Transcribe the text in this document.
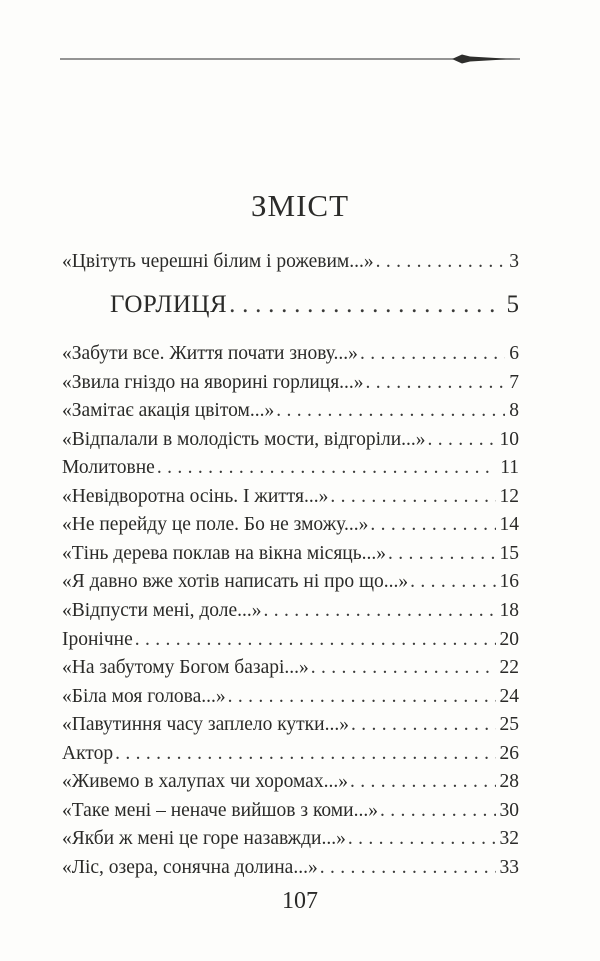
ЗМІСТ
«Цвітуть черешні білим і рожевим...» . . .	3
ГОРЛИЦЯ . . .	5
«Забути все. Життя почати знову...» . . .	6
«Звила гніздо на яворині горлиця...» . . .	7
«Замітає акація цвітом...» . . .	8
«Відпалали в молодість мости, відгоріли...» . . .	10
Молитовне . . .	11
«Невідворотна осінь. І життя...» . . .	12
«Не перейду це поле. Бо не зможу...» . . .	14
«Тінь дерева поклав на вікна місяць...» . . .	15
«Я давно вже хотів написать ні про що...» . . .	16
«Відпусти мені, доле...» . . .	18
Іронічне . . .	20
«На забутому Богом базарі...» . . .	22
«Біла моя голова...» . . .	24
«Павутиння часу заплело кутки...» . . .	25
Актор . . .	26
«Живемо в халупах чи хоромах...» . . .	28
«Таке мені – неначе вийшов з коми...» . . .	30
«Якби ж мені це горе назавжди...» . . .	32
«Ліс, озера, сонячна долина...» . . .	33
107
